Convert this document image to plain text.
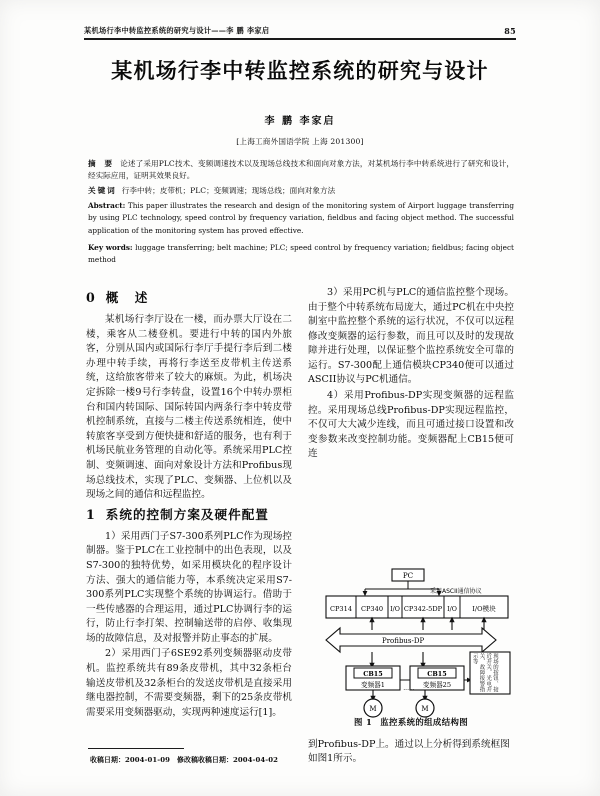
某机场行李中转监控系统的研究与设计——李 鹏 李家启	85
某机场行李中转监控系统的研究与设计
李 鹏 李家启
[上海工商外国语学院 上海 201300]
摘 要 论述了采用PLC技术、变频调速技术以及现场总线技术和面向对象方法，对某机场行李中转系统进行了研究和设计，经实际应用，证明其效果良好。
关键词 行李中转；皮带机；PLC；变频调速；现场总线；面向对象方法
Abstract: This paper illustrates the research and design of the monitoring system of Airport luggage transferring by using PLC technology, speed control by frequency variation, fieldbus and facing object method. The successful application of the monitoring system has proved effective.
Key words: luggage transferring; belt machine; PLC; speed control by frequency variation; fieldbus; facing object method
0 概 述

某机场行李厅设在一楼，而办票大厅设在二楼，乘客从二楼登机。要进行中转的国内外旅客，分别从国内或国际行李厅手提行李后到二楼办理中转手续，再将行李送至皮带机主传送系统，这给旅客带来了较大的麻烦。为此，机场决定拆除一楼9号行李转盘，设置16个中转办票柜台和国内转国际、国际转国内两条行李中转皮带机控制系统，直接与二楼主传送系统相连，使中转旅客享受到方便快捷和舒适的服务，也有利于机场民航业务管理的自动化等。系统采用PLC控制、变频调速、面向对象设计方法和Profibus现场总线技术，实现了PLC、变频器、上位机以及现场之间的通信和远程监控。

1 系统的控制方案及硬件配置

1）采用西门子S7-300系列PLC作为现场控制器。鉴于PLC在工业控制中的出色表现，以及S7-300的独特优势，如采用模块化的程序设计方法、强大的通信能力等，本系统决定采用S7-300系列PLC实现整个系统的协调运行。借助于一些传感器的合理运用，通过PLC协调行李的运行，防止行李打架、控制输送带的启停、收集现场的故障信息，及对报警并防止事态的扩展。

2）采用西门子6SE92系列变频器驱动皮带机。监控系统共有89条皮带机，其中32条柜台输送皮带机及32条柜台的发送皮带机是直接采用继电器控制，不需要变频器，剩下的25条皮带机需要采用变频器驱动，实现两种速度运行[1]。

3）采用PC机与PLC的通信监控整个现场。由于整个中转系统布局庞大，通过PC机在中央控制室中监控整个系统的运行状况，不仅可以远程修改变频器的运行参数，而且可以及时的发现故障并进行处理，以保证整个监控系统安全可靠的运行。S7-300配上通信模块CP340便可以通过ASCII协议与PC机通信。

4）采用Profibus-DP实现变频器的远程监控。采用现场总线Profibus-DP实现远程监控，不仅可大大减少连线，而且可通过接口设置和改变参数来改变控制功能。变频器配上CB15便可连

PC
采用ASCII通信协议
CP314 CP340 I/O CP342-5DP I/O I/O模块
Profibus-DP
CB15
变频器1
CB15
变频器25
......
M	M
现场的按钮、接近开关、光电开关、故障报警指示等
图 1 监控系统的组成结构图
到Profibus-DP上。通过以上分析得到系统框图如图1所示。
收稿日期：2004-01-09 修改稿收稿日期：2004-04-02
